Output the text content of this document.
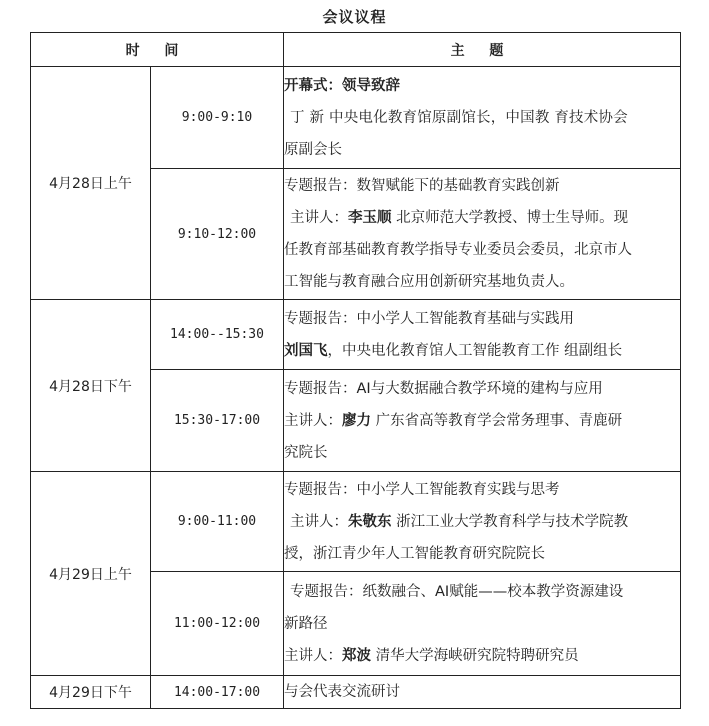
会议议程
时 间		主 题
4月28日上午	9:00-9:10	开幕式：领导致辞
丁 新 中央电化教育馆原副馆长，中国教 育技术协会
原副会长

	9:10-12:00	专题报告：数智赋能下的基础教育实践创新
主讲人：李玉顺 北京师范大学教授、博士生导师。现
任教育部基础教育教学指导专业委员会委员，北京市人
工智能与教育融合应用创新研究基地负责人。

4月28日下午	14:00--15:30	专题报告：中小学人工智能教育基础与实践用
刘国飞，中央电化教育馆人工智能教育工作 组副组长

	15:30-17:00	专题报告：AI与大数据融合教学环境的建构与应用
主讲人：廖力 广东省高等教育学会常务理事、青鹿研
究院长

4月29日上午	9:00-11:00	专题报告：中小学人工智能教育实践与思考
主讲人：朱敬东 浙江工业大学教育科学与技术学院教
授，浙江青少年人工智能教育研究院院长

	11:00-12:00	专题报告：纸数融合、AI赋能——校本教学资源建设
新路径
主讲人：郑波 清华大学海峡研究院特聘研究员

4月29日下午	14:00-17:00	与会代表交流研讨
